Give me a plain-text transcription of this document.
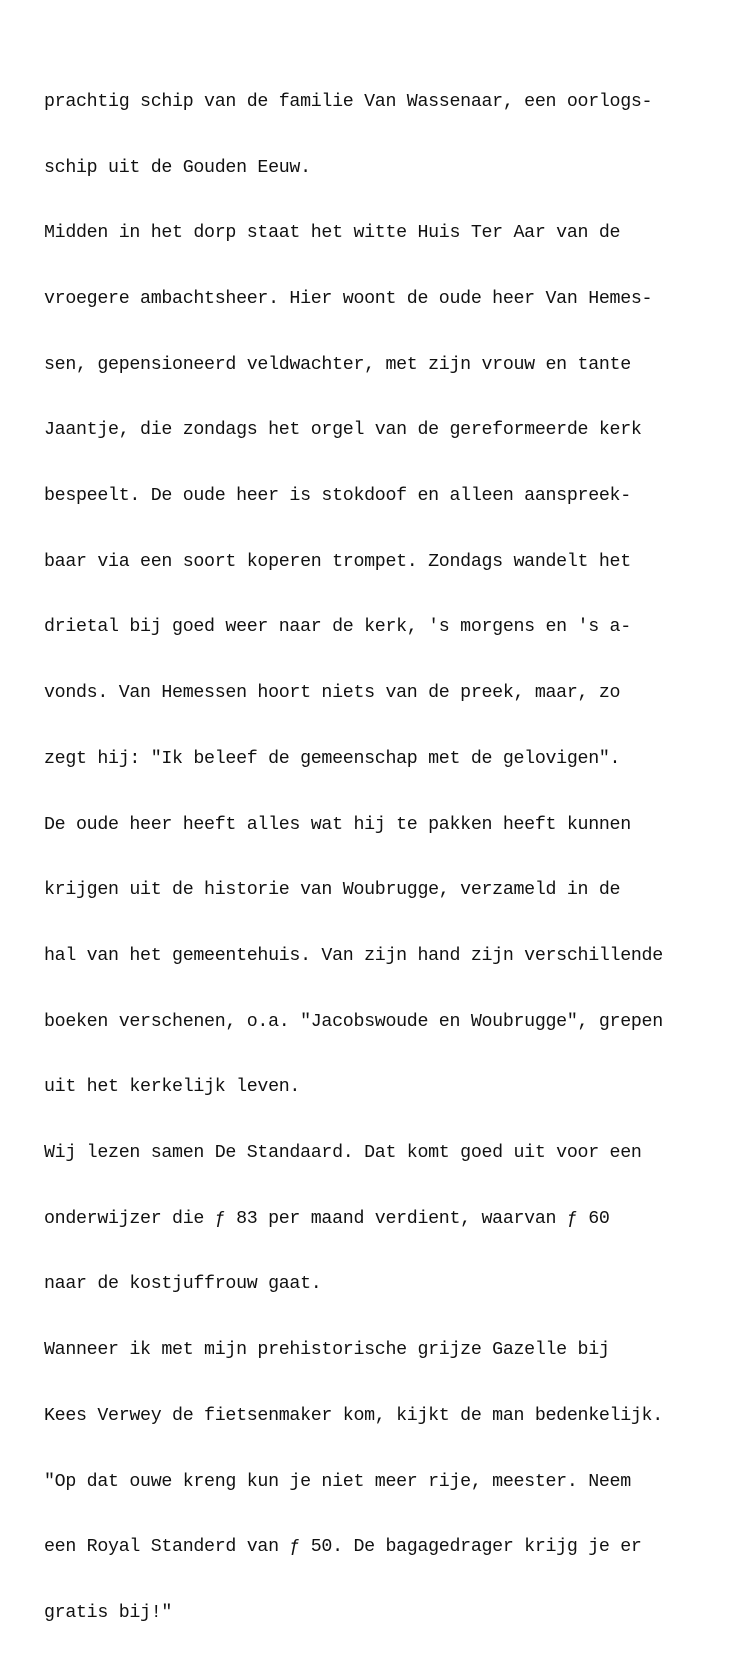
prachtig schip van de familie Van Wassenaar, een oorlogs-

schip uit de Gouden Eeuw.

Midden in het dorp staat het witte Huis Ter Aar van de

vroegere ambachtsheer. Hier woont de oude heer Van Hemes-

sen, gepensioneerd veldwachter, met zijn vrouw en tante

Jaantje, die zondags het orgel van de gereformeerde kerk

bespeelt. De oude heer is stokdoof en alleen aanspreek-

baar via een soort koperen trompet. Zondags wandelt het

drietal bij goed weer naar de kerk, 's morgens en 's a-

vonds. Van Hemessen hoort niets van de preek, maar, zo

zegt hij: "Ik beleef de gemeenschap met de gelovigen".

De oude heer heeft alles wat hij te pakken heeft kunnen

krijgen uit de historie van Woubrugge, verzameld in de

hal van het gemeentehuis. Van zijn hand zijn verschillende

boeken verschenen, o.a. "Jacobswoude en Woubrugge", grepen

uit het kerkelijk leven.

Wij lezen samen De Standaard. Dat komt goed uit voor een

onderwijzer die ƒ 83 per maand verdient, waarvan ƒ 60

naar de kostjuffrouw gaat.

Wanneer ik met mijn prehistorische grijze Gazelle bij

Kees Verwey de fietsenmaker kom, kijkt de man bedenkelijk.

"Op dat ouwe kreng kun je niet meer rije, meester. Neem

een Royal Standerd van ƒ 50. De bagagedrager krijg je er

gratis bij!"
